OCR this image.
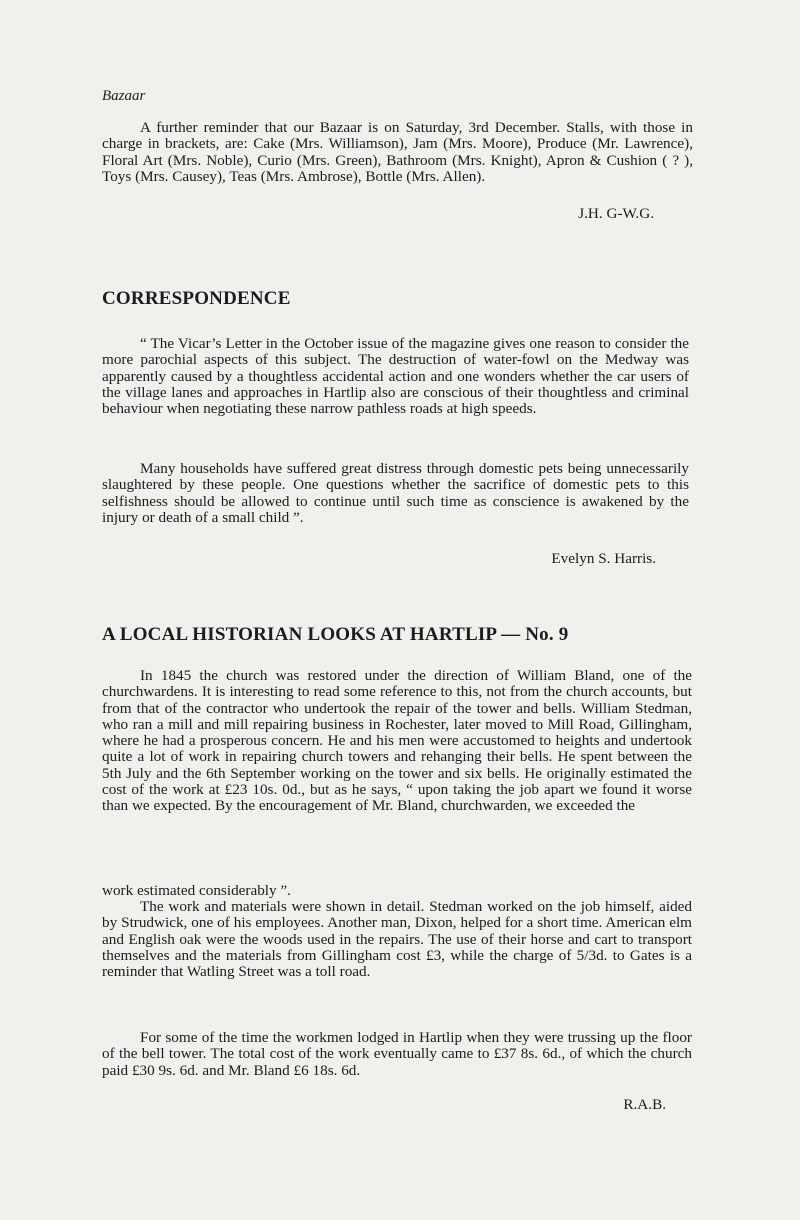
Bazaar

A further reminder that our Bazaar is on Saturday, 3rd December. Stalls, with those in charge in brackets, are: Cake (Mrs. Williamson), Jam (Mrs. Moore), Produce (Mr. Lawrence), Floral Art (Mrs. Noble), Curio (Mrs. Green), Bathroom (Mrs. Knight), Apron & Cushion ( ? ), Toys (Mrs. Causey), Teas (Mrs. Ambrose), Bottle (Mrs. Allen).

J.H. G-W.G.

CORRESPONDENCE

“ The Vicar’s Letter in the October issue of the magazine gives one reason to consider the more parochial aspects of this subject. The destruction of water-fowl on the Medway was apparently caused by a thoughtless accidental action and one wonders whether the car users of the village lanes and approaches in Hartlip also are conscious of their thoughtless and criminal behaviour when negotiating these narrow pathless roads at high speeds.

Many households have suffered great distress through domestic pets being unnecessarily slaughtered by these people. One questions whether the sacrifice of domestic pets to this selfishness should be allowed to continue until such time as conscience is awakened by the injury or death of a small child ”.

Evelyn S. Harris.

A LOCAL HISTORIAN LOOKS AT HARTLIP — No. 9

In 1845 the church was restored under the direction of William Bland, one of the churchwardens. It is interesting to read some reference to this, not from the church accounts, but from that of the contractor who undertook the repair of the tower and bells. William Stedman, who ran a mill and mill repairing business in Rochester, later moved to Mill Road, Gillingham, where he had a prosperous concern. He and his men were accustomed to heights and undertook quite a lot of work in repairing church towers and rehanging their bells. He spent between the 5th July and the 6th September working on the tower and six bells. He originally estimated the cost of the work at £23 10s. 0d., but as he says, “ upon taking the job apart we found it worse than we expected. By the encouragement of Mr. Bland, churchwarden, we exceeded the

work estimated considerably ”.

The work and materials were shown in detail. Stedman worked on the job himself, aided by Strudwick, one of his employees. Another man, Dixon, helped for a short time. American elm and English oak were the woods used in the repairs. The use of their horse and cart to transport themselves and the materials from Gillingham cost £3, while the charge of 5/3d. to Gates is a reminder that Watling Street was a toll road.

For some of the time the workmen lodged in Hartlip when they were trussing up the floor of the bell tower. The total cost of the work eventually came to £37 8s. 6d., of which the church paid £30 9s. 6d. and Mr. Bland £6 18s. 6d.

R.A.B.
